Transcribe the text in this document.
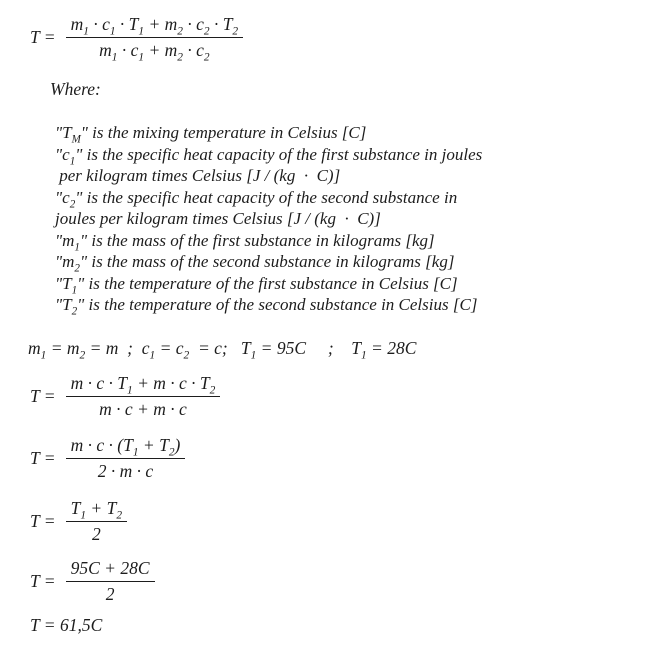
$T = \frac{m_1 \cdot c_1 \cdot T_1 + m_2 \cdot c_2 \cdot T_2}{m_1 \cdot c_1 + m_2 \cdot c_2}$
Where:
"$T_M$" is the mixing temperature in Celsius [C]
"$c_1$" is the specific heat capacity of the first substance in joules
per kilogram times Celsius [J / (kg  ·  C)]
"$c_2$" is the specific heat capacity of the second substance in
joules per kilogram times Celsius [J / (kg  ·  C)]
"$m_1$" is the mass of the first substance in kilograms [kg]
"$m_2$" is the mass of the second substance in kilograms [kg]
"$T_1$" is the temperature of the first substance in Celsius [C]
"$T_2$" is the temperature of the second substance in Celsius [C]
$m_1 = m_2 = m$  ;  $c_1 = c_2 = c$;   $T_1 = 95C$     ;    $T_1 = 28C$
$T = \frac{m \cdot c \cdot T_1 + m \cdot c \cdot T_2}{m \cdot c + m \cdot c}$
$T = \frac{m \cdot c \cdot (T_1 + T_2)}{2 \cdot m \cdot c}$
$T = \frac{T_1 + T_2}{2}$
$T = \frac{95C + 28C}{2}$
T = 61,5C
